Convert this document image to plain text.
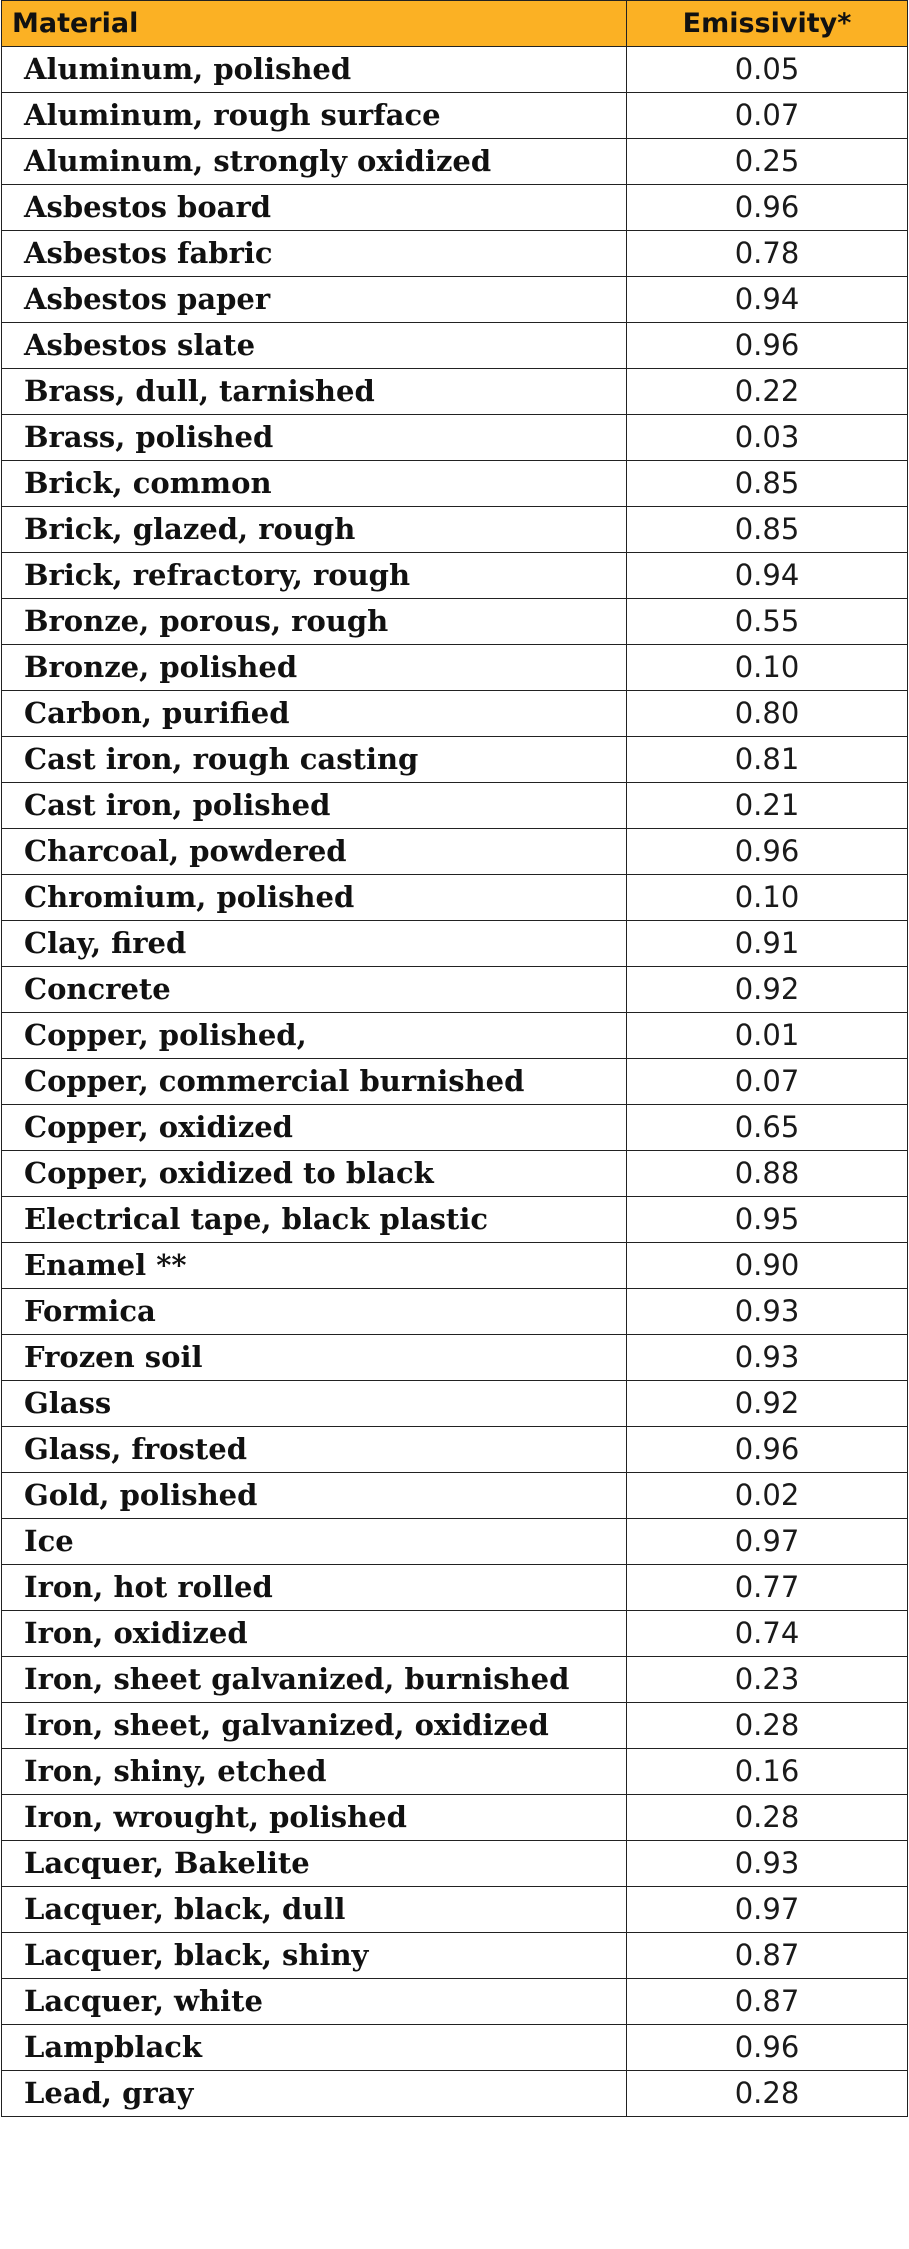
Material	Emissivity*
Aluminum, polished	0.05
Aluminum, rough surface	0.07
Aluminum, strongly oxidized	0.25
Asbestos board	0.96
Asbestos fabric	0.78
Asbestos paper	0.94
Asbestos slate	0.96
Brass, dull, tarnished	0.22
Brass, polished	0.03
Brick, common	0.85
Brick, glazed, rough	0.85
Brick, refractory, rough	0.94
Bronze, porous, rough	0.55
Bronze, polished	0.10
Carbon, purified	0.80
Cast iron, rough casting	0.81
Cast iron, polished	0.21
Charcoal, powdered	0.96
Chromium, polished	0.10
Clay, fired	0.91
Concrete	0.92
Copper, polished,	0.01
Copper, commercial burnished	0.07
Copper, oxidized	0.65
Copper, oxidized to black	0.88
Electrical tape, black plastic	0.95
Enamel **	0.90
Formica	0.93
Frozen soil	0.93
Glass	0.92
Glass, frosted	0.96
Gold, polished	0.02
Ice	0.97
Iron, hot rolled	0.77
Iron, oxidized	0.74
Iron, sheet galvanized, burnished	0.23
Iron, sheet, galvanized, oxidized	0.28
Iron, shiny, etched	0.16
Iron, wrought, polished	0.28
Lacquer, Bakelite	0.93
Lacquer, black, dull	0.97
Lacquer, black, shiny	0.87
Lacquer, white	0.87
Lampblack	0.96
Lead, gray	0.28
